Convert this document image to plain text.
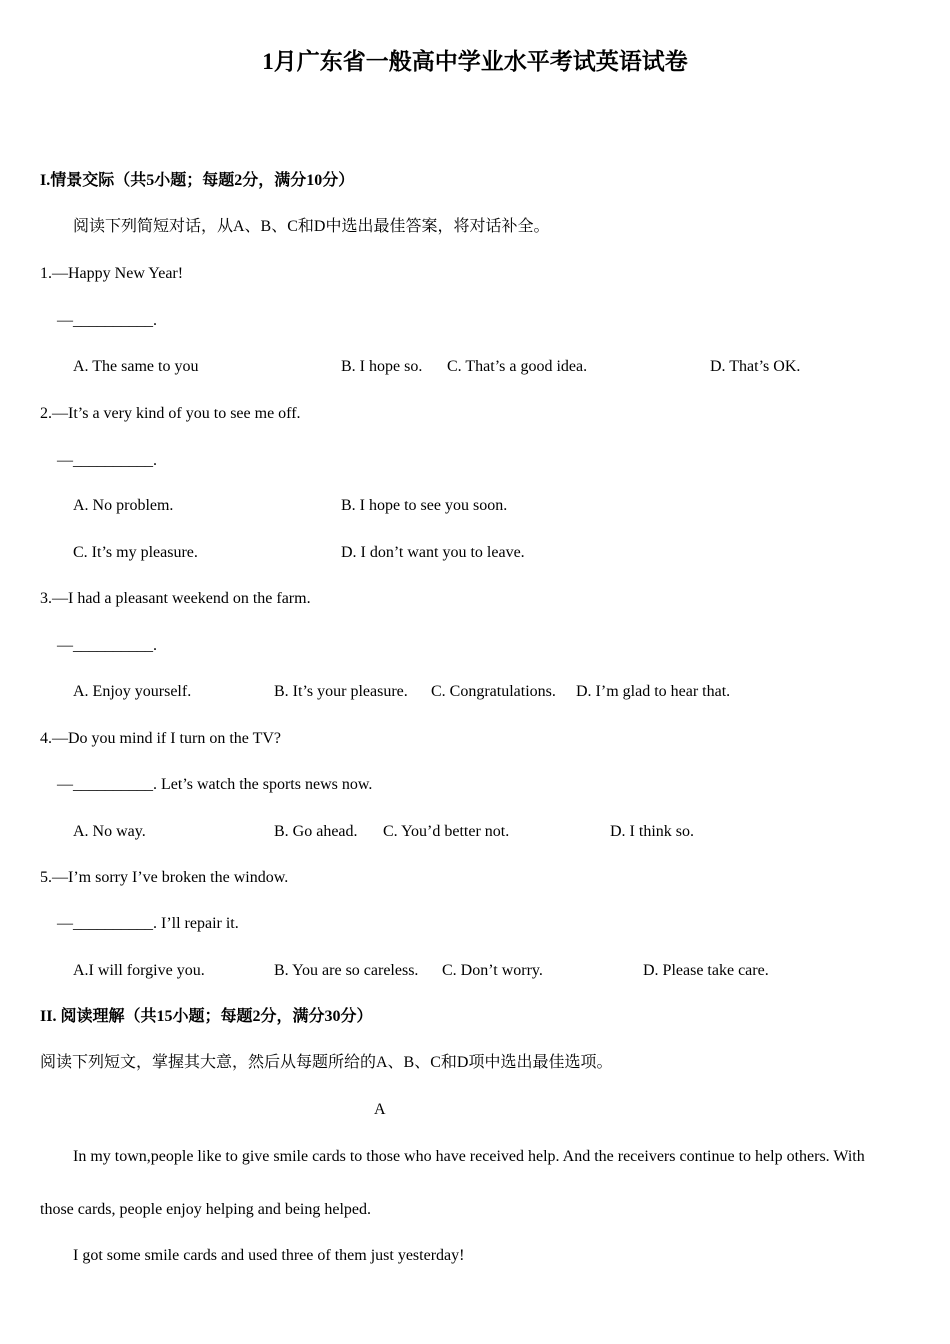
1月广东省一般高中学业水平考试英语试卷
I.情景交际（共5小题；每题2分，满分10分）
阅读下列简短对话，从A、B、C和D中选出最佳答案，将对话补全。
1.—Happy New Year!
—__________.
A. The same to you	B. I hope so. C. That’s a good idea.	D. That’s OK.
2.—It’s a very kind of you to see me off.
—__________.
A. No problem.	B. I hope to see you soon.
C. It’s my pleasure.	D. I don’t want you to leave.
3.—I had a pleasant weekend on the farm.
—__________.
A. Enjoy yourself.	B. It’s your pleasure. C. Congratulations. D. I’m glad to hear that.
4.—Do you mind if I turn on the TV?
—__________. Let’s watch the sports news now.
A. No way.	B. Go ahead. C. You’d better not.	D. I think so.
5.—I’m sorry I’ve broken the window.
—__________. I’ll repair it.
A.I will forgive you.	B. You are so careless. C. Don’t worry.	D. Please take care.
II. 阅读理解（共15小题；每题2分，满分30分）
阅读下列短文，掌握其大意，然后从每题所给的A、B、C和D项中选出最佳选项。
A
In my town,people like to give smile cards to those who have received help. And the receivers continue to help others. With
those cards, people enjoy helping and being helped.
I got some smile cards and used three of them just yesterday!
